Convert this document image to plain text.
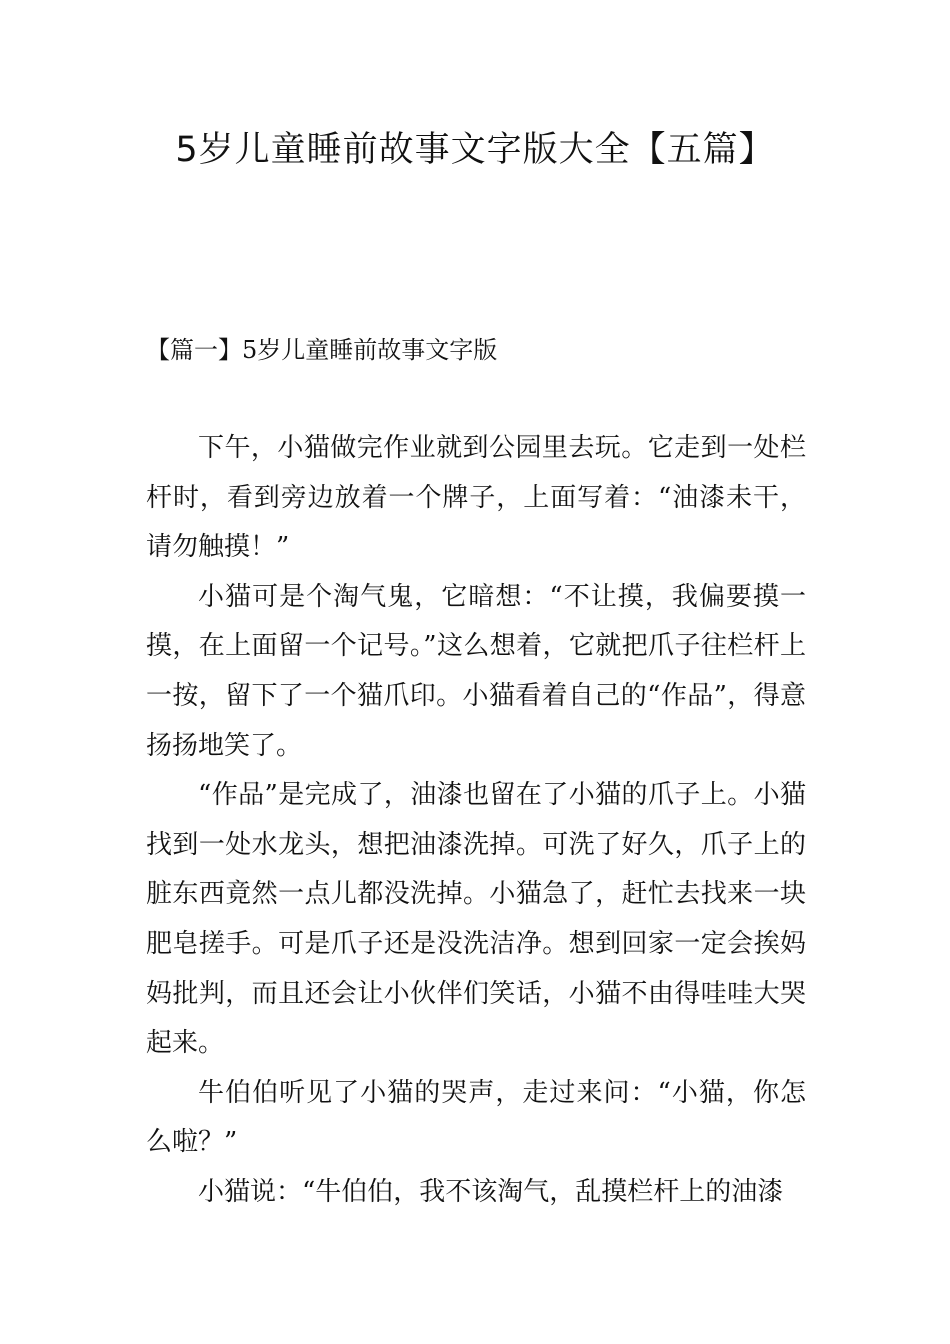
5岁儿童睡前故事文字版大全【五篇】
【篇一】5岁儿童睡前故事文字版

下午，小猫做完作业就到公园里去玩。它走到一处栏杆时，看到旁边放着一个牌子，上面写着：“油漆未干，请勿触摸！”

小猫可是个淘气鬼，它暗想：“不让摸，我偏要摸一摸，在上面留一个记号。”这么想着，它就把爪子往栏杆上一按，留下了一个猫爪印。小猫看着自己的“作品”，得意扬扬地笑了。

“作品”是完成了，油漆也留在了小猫的爪子上。小猫找到一处水龙头，想把油漆洗掉。可洗了好久，爪子上的脏东西竟然一点儿都没洗掉。小猫急了，赶忙去找来一块肥皂搓手。可是爪子还是没洗洁净。想到回家一定会挨妈妈批判，而且还会让小伙伴们笑话，小猫不由得哇哇大哭起来。

牛伯伯听见了小猫的哭声，走过来问：“小猫，你怎么啦？”

小猫说：“牛伯伯，我不该淘气，乱摸栏杆上的油漆
